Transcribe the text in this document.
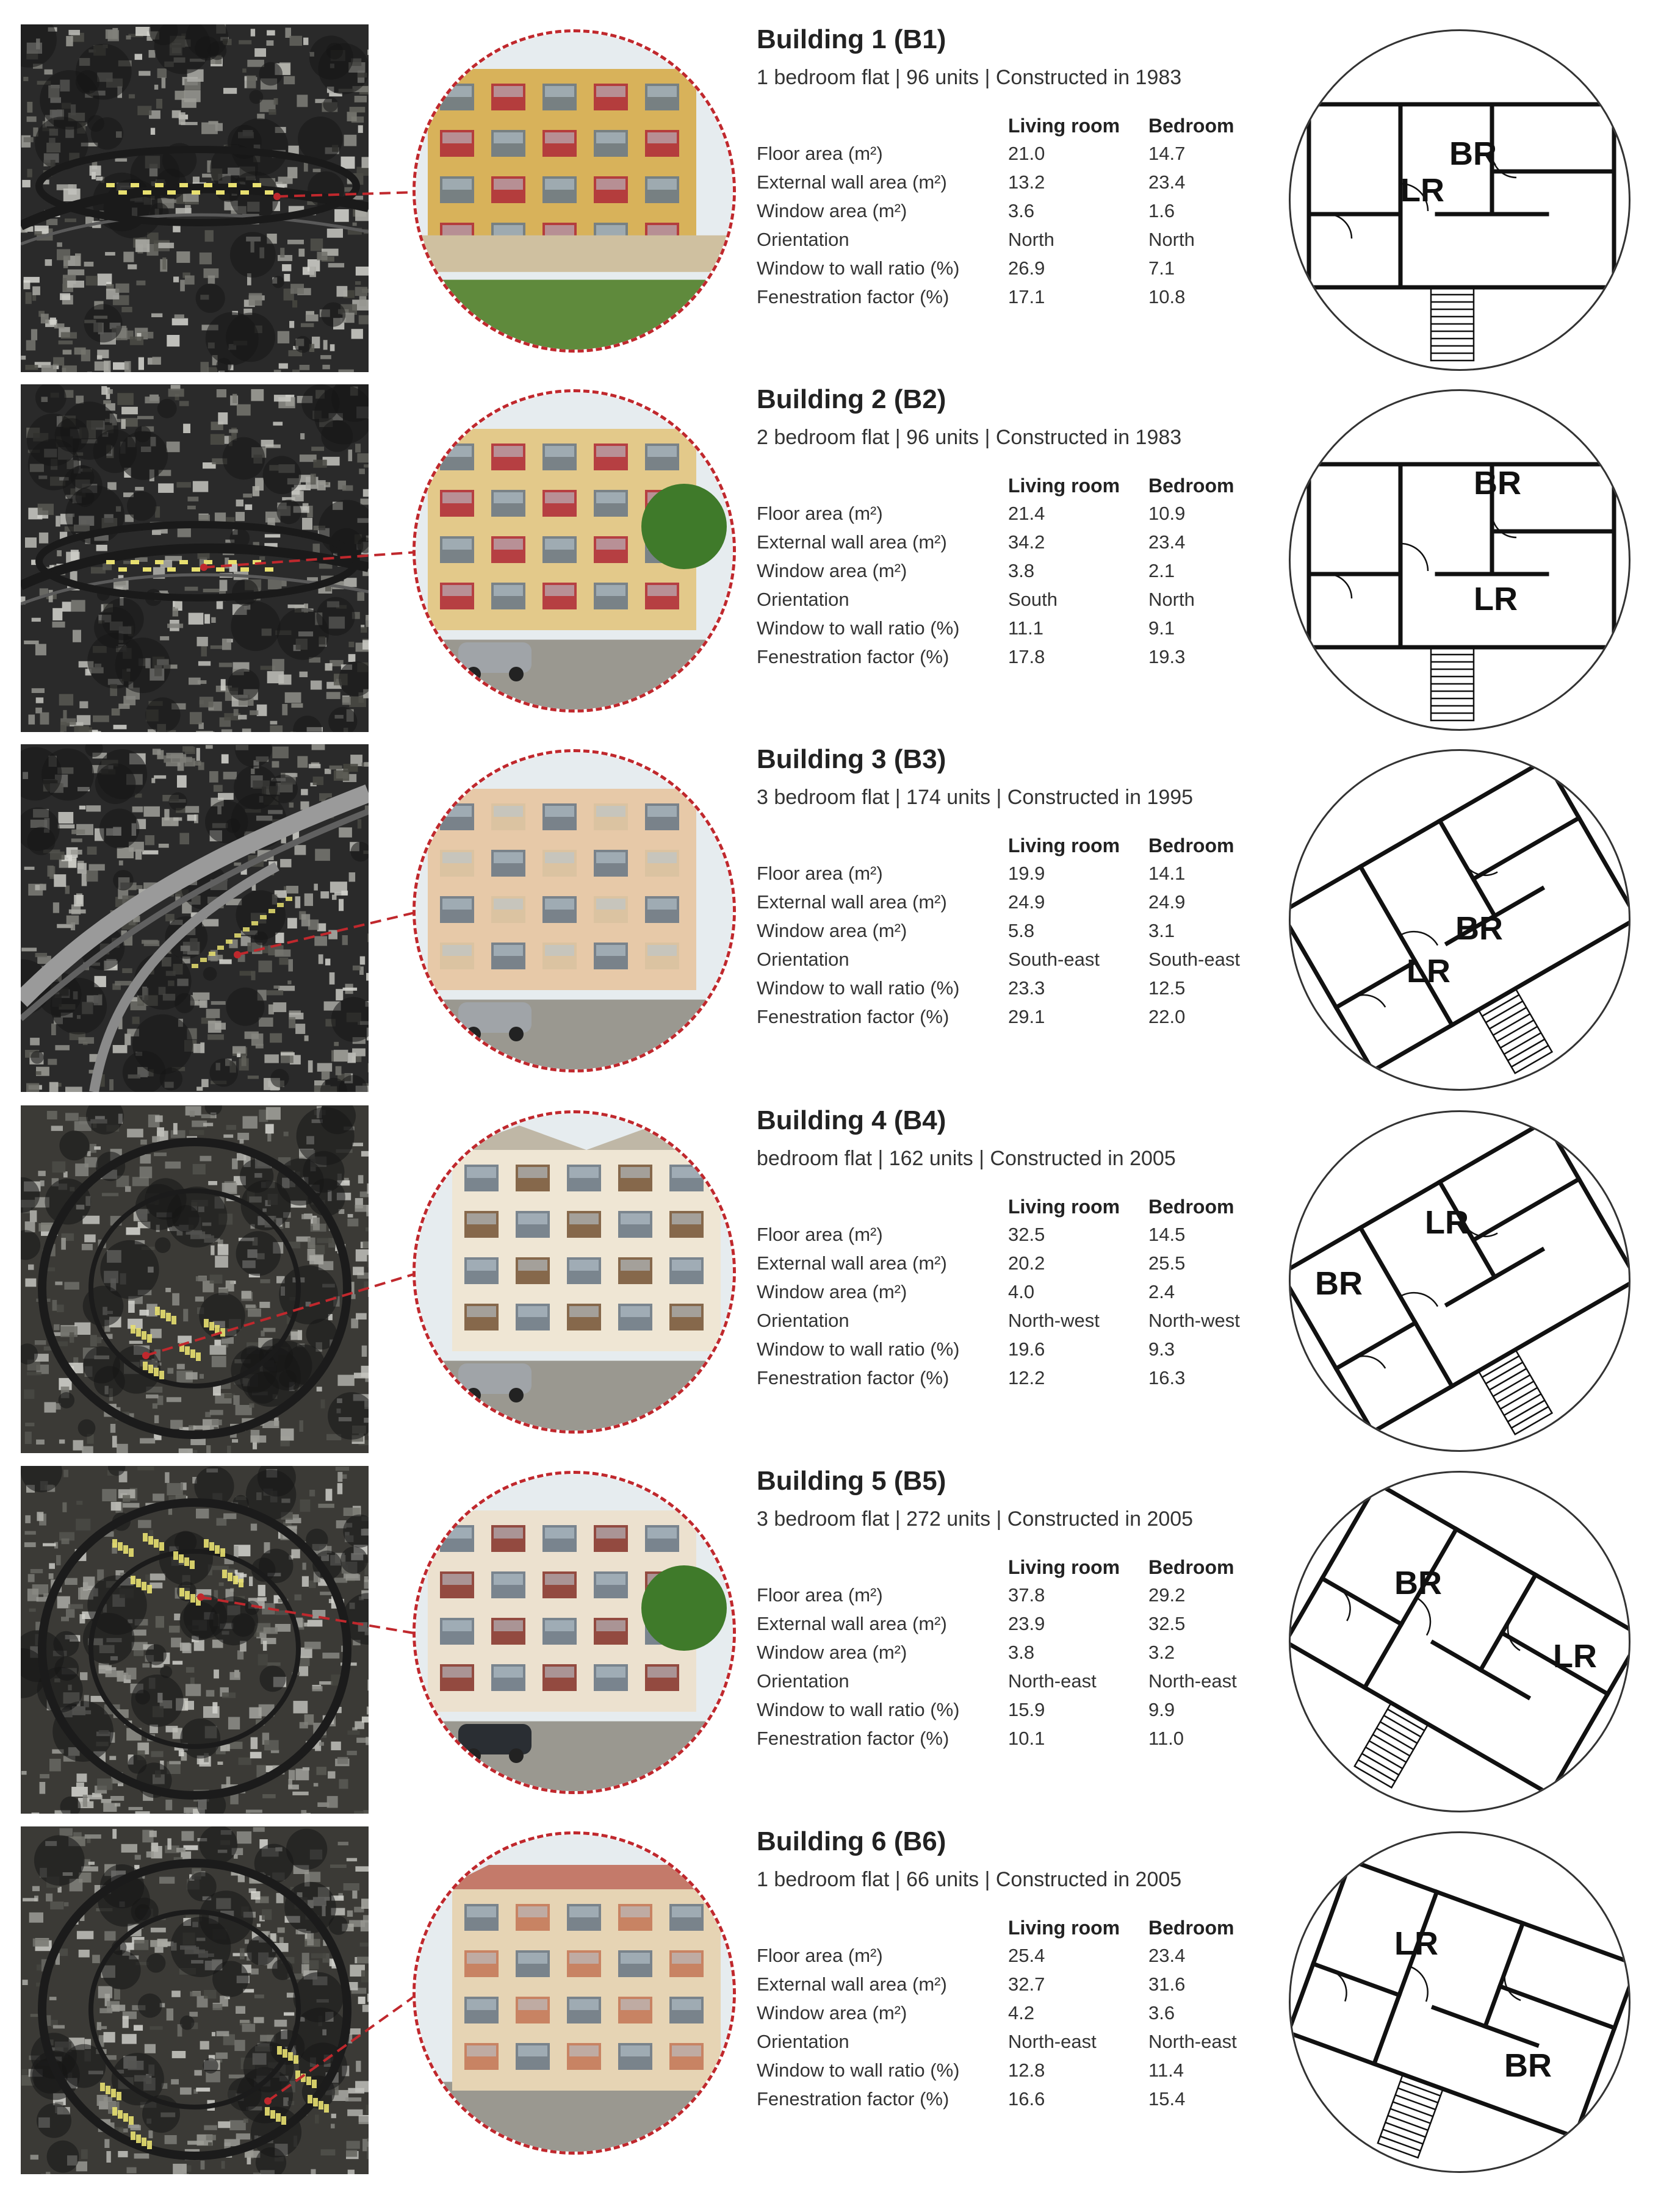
Building 1 (B1)
1 bedroom flat | 96 units | Constructed in 1983
Living room Bedroom
Floor area (m²)	21.0	14.7
External wall area (m²)	13.2	23.4
Window area (m²)	3.6	1.6
Orientation	North	North
Window to wall ratio (%)	26.9	7.1
Fenestration factor (%)	17.1	10.8
LR
BR
Building 2 (B2)
2 bedroom flat | 96 units | Constructed in 1983
Living room Bedroom
Floor area (m²)	21.4	10.9
External wall area (m²)	34.2	23.4
Window area (m²)	3.8	2.1
Orientation	South	North
Window to wall ratio (%)	11.1	9.1
Fenestration factor (%)	17.8	19.3
LR
BR
Building 3 (B3)
3 bedroom flat | 174 units | Constructed in 1995
Living room Bedroom
Floor area (m²)	19.9	14.1
External wall area (m²)	24.9	24.9
Window area (m²)	5.8	3.1
Orientation	South-east	South-east
Window to wall ratio (%)	23.3	12.5
Fenestration factor (%)	29.1	22.0
LR
BR
Building 4 (B4)
bedroom flat | 162 units | Constructed in 2005
Living room Bedroom
Floor area (m²)	32.5	14.5
External wall area (m²)	20.2	25.5
Window area (m²)	4.0	2.4
Orientation	North-west	North-west
Window to wall ratio (%)	19.6	9.3
Fenestration factor (%)	12.2	16.3
LR
BR
Building 5 (B5)
3 bedroom flat | 272 units | Constructed in 2005
Living room Bedroom
Floor area (m²)	37.8	29.2
External wall area (m²)	23.9	32.5
Window area (m²)	3.8	3.2
Orientation	North-east	North-east
Window to wall ratio (%)	15.9	9.9
Fenestration factor (%)	10.1	11.0
LR
BR
Building 6 (B6)
1 bedroom flat | 66 units | Constructed in 2005
Living room Bedroom
Floor area (m²)	25.4	23.4
External wall area (m²)	32.7	31.6
Window area (m²)	4.2	3.6
Orientation	North-east	North-east
Window to wall ratio (%)	12.8	11.4
Fenestration factor (%)	16.6	15.4
LR
BR
